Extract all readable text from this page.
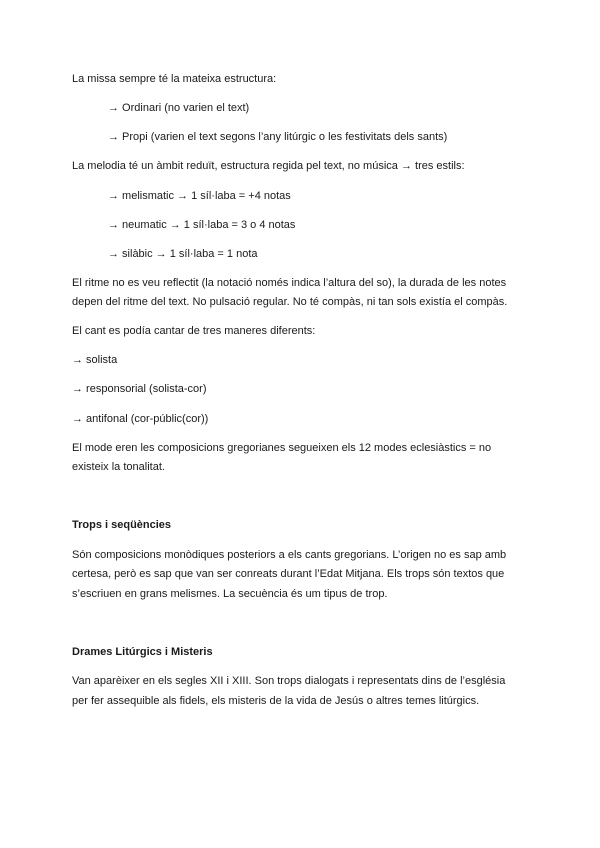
La missa sempre té la mateixa estructura:
→ Ordinari (no varien el text)
→ Propi (varien el text segons l’any litúrgic o les festivitats dels sants)
La melodia té un àmbit reduït, estructura regida pel text, no música → tres estils:
→ melismatic → 1 síl·laba = +4 notas
→ neumatic → 1 síl·laba = 3 o 4 notas
→ silàbic → 1 síl·laba = 1 nota
El ritme no es veu reflectit (la notació només indica l’altura del so), la durada de les notes
depen del ritme del text. No pulsació regular. No té compàs, ni tan sols existía el compàs.
El cant es podía cantar de tres maneres diferents:
→ solista
→ responsorial (solista-cor)
→ antifonal (cor-públic(cor))
El mode eren les composicions gregorianes segueixen els 12 modes eclesiàstics = no
existeix la tonalitat.
Trops i seqüències
Són composicions monòdiques posteriors a els cants gregorians. L’origen no es sap amb
certesa, però es sap que van ser conreats durant l’Edat Mitjana. Els trops són textos que
s’escriuen en grans melismes. La secuència és um tipus de trop.
Drames Litúrgics i Misteris
Van aparèixer en els segles XII i XIII. Son trops dialogats i representats dins de l’església
per fer assequible als fidels, els misteris de la vida de Jesús o altres temes litúrgics.
